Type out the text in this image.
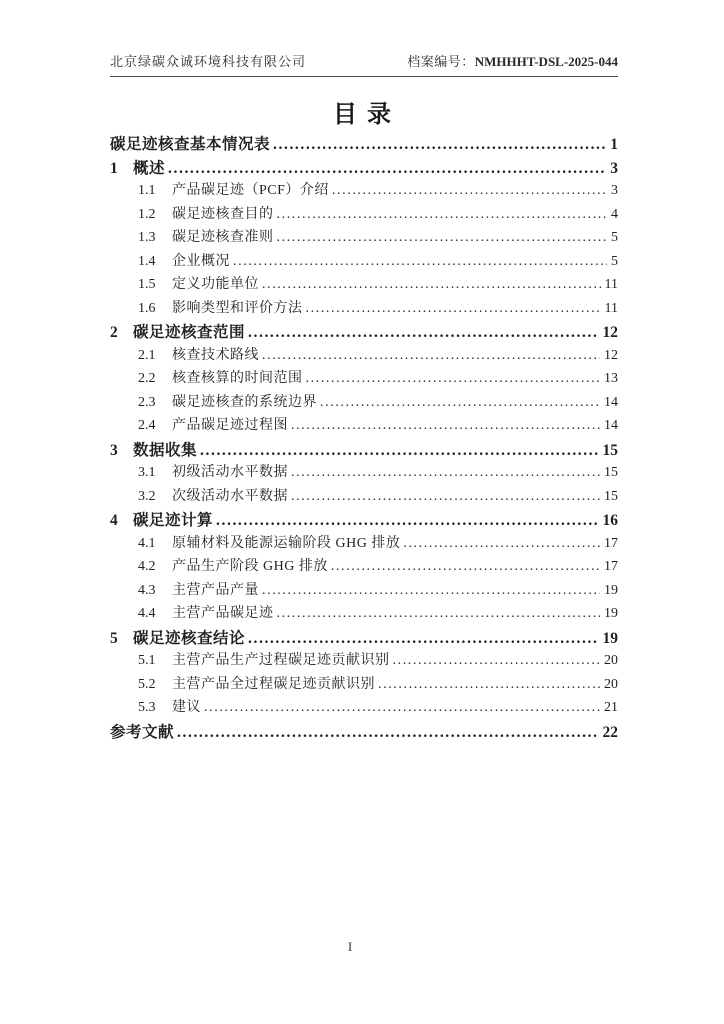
北京绿碳众诚环境科技有限公司	档案编号：NMHHHT-DSL-2025-044
目录
碳足迹核查基本情况表 .....	1
1 概述 .....	3
1.1	产品碳足迹（PCF）介绍 .....	3
1.2	碳足迹核查目的 .....	4
1.3	碳足迹核查准则 .....	5
1.4	企业概况 .....	5
1.5	定义功能单位 .....	11
1.6	影响类型和评价方法 .....	11
2 碳足迹核查范围 .....	12
2.1	核查技术路线 .....	12
2.2	核查核算的时间范围 .....	13
2.3	碳足迹核查的系统边界 .....	14
2.4	产品碳足迹过程图 .....	14
3 数据收集 .....	15
3.1	初级活动水平数据 .....	15
3.2	次级活动水平数据 .....	15
4 碳足迹计算 .....	16
4.1	原辅材料及能源运输阶段 GHG 排放 .....	17
4.2	产品生产阶段 GHG 排放 .....	17
4.3	主营产品产量 .....	19
4.4	主营产品碳足迹 .....	19
5 碳足迹核查结论 .....	19
5.1	主营产品生产过程碳足迹贡献识别 .....	20
5.2	主营产品全过程碳足迹贡献识别 .....	20
5.3	建议 .....	21
参考文献 .....	22
I
